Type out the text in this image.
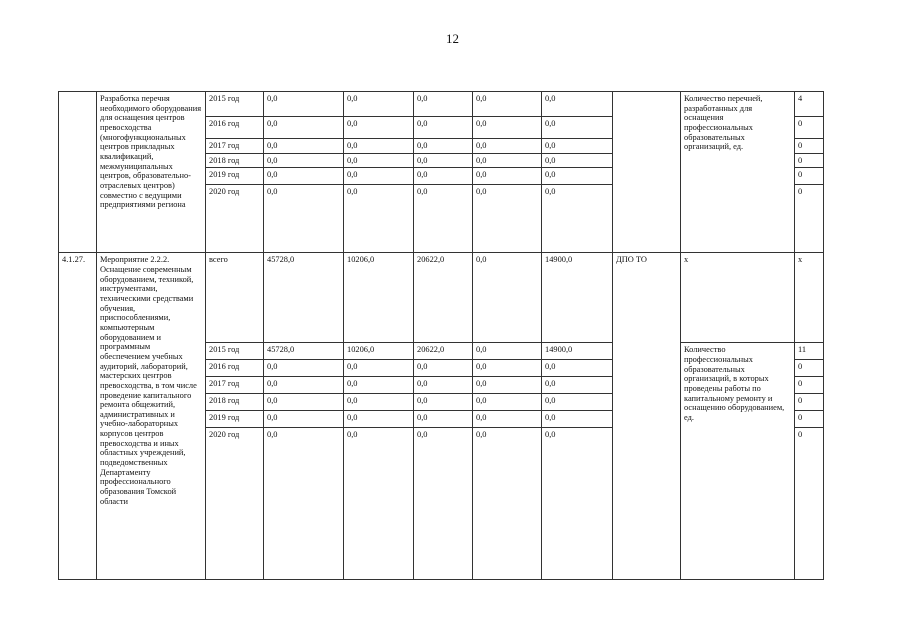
12
	Разработка перечня необходимого оборудования для оснащения центров превосходства (многофункциональных центров прикладных квалификаций, межмуниципальных центров, образовательно-отраслевых центров) совместно с ведущими предприятиями региона	2015 год	0,0	0,0	0,0	0,0	0,0		Количество перечней, разработанных для оснащения профессиональных образовательных организаций, ед.	4
		2016 год	0,0	0,0	0,0	0,0	0,0			0
		2017 год	0,0	0,0	0,0	0,0	0,0			0
		2018 год	0,0	0,0	0,0	0,0	0,0			0
		2019 год	0,0	0,0	0,0	0,0	0,0			0
		2020 год	0,0	0,0	0,0	0,0	0,0			0
4.1.27.	Мероприятие 2.2.2. Оснащение современным оборудованием, техникой, инструментами, техническими средствами обучения, приспособлениями, компьютерным оборудованием и программным обеспечением учебных аудиторий, лабораторий, мастерских центров превосходства, в том числе проведение капитального ремонта общежитий, административных и учебно-лабораторных корпусов центров превосходства и иных областных учреждений, подведомственных Департаменту профессионального образования Томской области	всего	45728,0	10206,0	20622,0	0,0	14900,0	ДПО ТО	х	х
		2015 год	45728,0	10206,0	20622,0	0,0	14900,0		Количество профессиональных образовательных организаций, в которых проведены работы по капитальному ремонту и оснащению оборудованием, ед.	11
		2016 год	0,0	0,0	0,0	0,0	0,0			0
		2017 год	0,0	0,0	0,0	0,0	0,0			0
		2018 год	0,0	0,0	0,0	0,0	0,0			0
		2019 год	0,0	0,0	0,0	0,0	0,0			0
		2020 год	0,0	0,0	0,0	0,0	0,0			0
